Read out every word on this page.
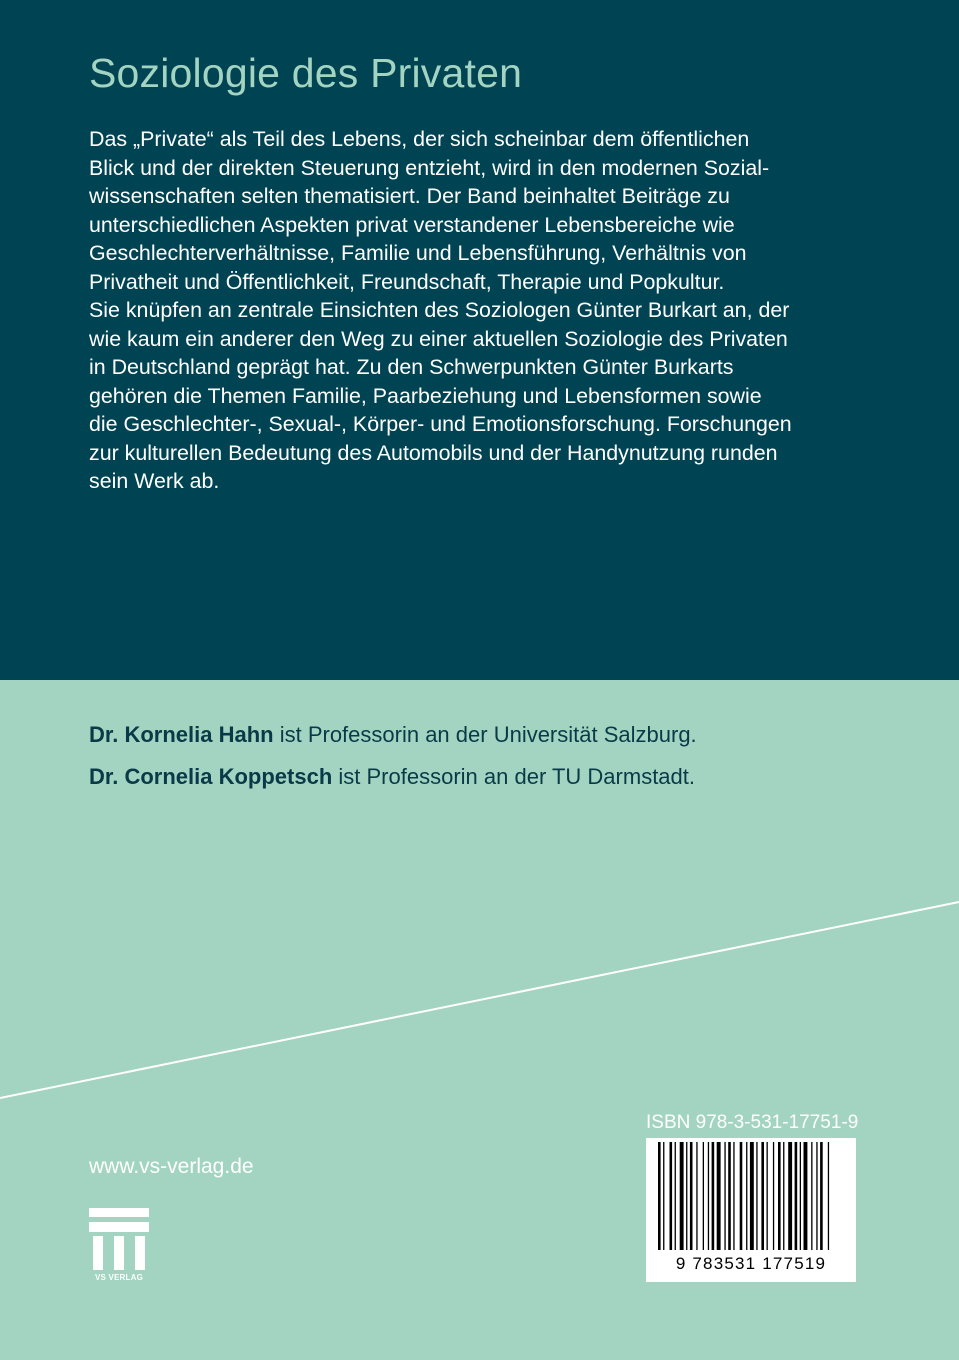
Soziologie des Privaten
Das „Private“ als Teil des Lebens, der sich scheinbar dem öffentlichen
Blick und der direkten Steuerung entzieht, wird in den modernen Sozial-
wissenschaften selten thematisiert. Der Band beinhaltet Beiträge zu
unterschiedlichen Aspekten privat verstandener Lebensbereiche wie
Geschlechterverhältnisse, Familie und Lebensführung, Verhältnis von
Privatheit und Öffentlichkeit, Freundschaft, Therapie und Popkultur.
Sie knüpfen an zentrale Einsichten des Soziologen Günter Burkart an, der
wie kaum ein anderer den Weg zu einer aktuellen Soziologie des Privaten
in Deutschland geprägt hat. Zu den Schwerpunkten Günter Burkarts
gehören die Themen Familie, Paarbeziehung und Lebensformen sowie
die Geschlechter-, Sexual-, Körper- und Emotionsforschung. Forschungen
zur kulturellen Bedeutung des Automobils und der Handynutzung runden
sein Werk ab.
Dr. Kornelia Hahn ist Professorin an der Universität Salzburg.
Dr. Cornelia Koppetsch ist Professorin an der TU Darmstadt.
www.vs-verlag.de
VS VERLAG
ISBN 978-3-531-17751-9
9 783531 177519
